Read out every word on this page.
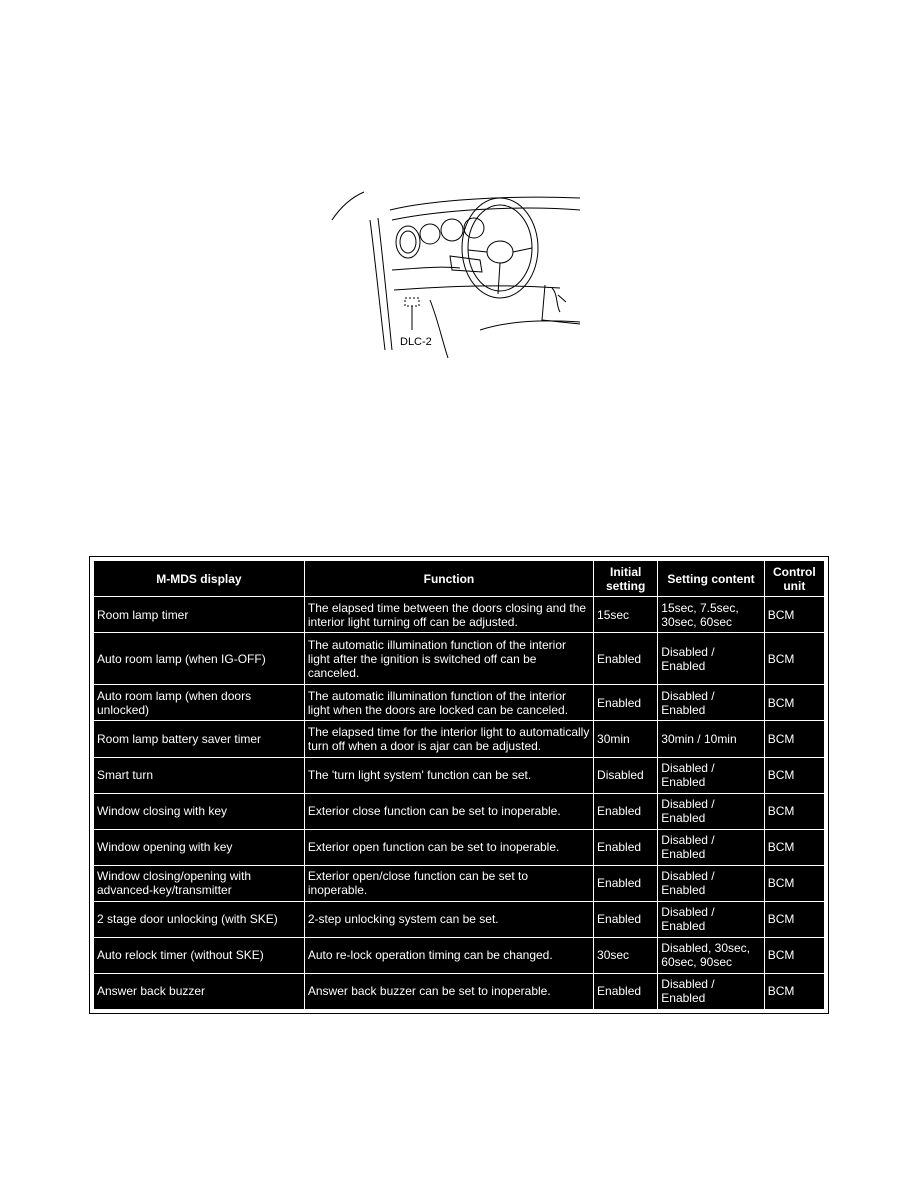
DLC-2
M-MDS display	Function	Initial setting	Setting content	Control unit
Room lamp timer	The elapsed time between the doors closing and the interior light turning off can be adjusted.	15sec	15sec, 7.5sec, 30sec, 60sec	BCM
Auto room lamp (when IG-OFF)	The automatic illumination function of the interior light after the ignition is switched off can be canceled.	Enabled	Disabled / Enabled	BCM
Auto room lamp (when doors unlocked)	The automatic illumination function of the interior light when the doors are locked can be canceled.	Enabled	Disabled / Enabled	BCM
Room lamp battery saver timer	The elapsed time for the interior light to automatically turn off when a door is ajar can be adjusted.	30min	30min / 10min	BCM
Smart turn	The 'turn light system' function can be set.	Disabled	Disabled / Enabled	BCM
Window closing with key	Exterior close function can be set to inoperable.	Enabled	Disabled / Enabled	BCM
Window opening with key	Exterior open function can be set to inoperable.	Enabled	Disabled / Enabled	BCM
Window closing/opening with advanced-key/transmitter	Exterior open/close function can be set to inoperable.	Enabled	Disabled / Enabled	BCM
2 stage door unlocking (with SKE)	2-step unlocking system can be set.	Enabled	Disabled / Enabled	BCM
Auto relock timer (without SKE)	Auto re-lock operation timing can be changed.	30sec	Disabled, 30sec, 60sec, 90sec	BCM
Answer back buzzer	Answer back buzzer can be set to inoperable.	Enabled	Disabled / Enabled	BCM
